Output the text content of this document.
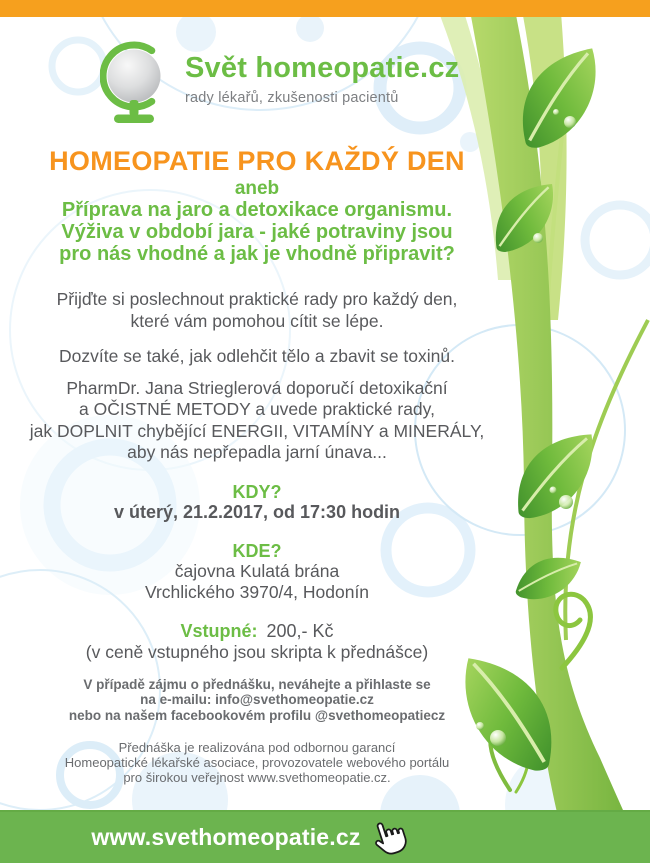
Svět homeopatie.cz
rady lékařů, zkušenosti pacientů
HOMEOPATIE PRO KAŽDÝ DEN
aneb
Příprava na jaro a detoxikace organismu.
Výživa v období jara - jaké potraviny jsou
pro nás vhodné a jak je vhodně připravit?
Přijďte si poslechnout praktické rady pro každý den,
které vám pomohou cítit se lépe.
Dozvíte se také, jak odlehčit tělo a zbavit se toxinů.
PharmDr. Jana Strieglerová doporučí detoxikační
a OČISTNÉ METODY a uvede praktické rady,
jak DOPLNIT chybějící ENERGII, VITAMÍNY a MINERÁLY,
aby nás nepřepadla jarní únava...
KDY?
v úterý, 21.2.2017, od 17:30 hodin
KDE?
čajovna Kulatá brána
Vrchlického 3970/4, Hodonín
Vstupné: 200,- Kč
(v ceně vstupného jsou skripta k přednášce)
V případě zájmu o přednášku, neváhejte a přihlaste se
na e-mailu: info@svethomeopatie.cz
nebo na našem facebookovém profilu @svethomeopatiecz
Přednáška je realizována pod odbornou garancí
Homeopatické lékařské asociace, provozovatele webového portálu
pro širokou veřejnost www.svethomeopatie.cz.
www.svethomeopatie.cz
